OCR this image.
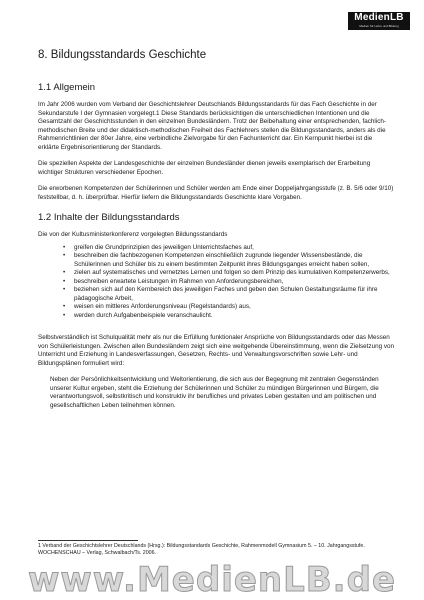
MedienLB
Medien für Lehre und Bildung
8. Bildungsstandards Geschichte
1.1 Allgemein

Im Jahr 2006 wurden vom Verband der Geschichtslehrer Deutschlands Bildungsstandards für das Fach Geschichte in der Sekundarstufe I der Gymnasien vorgelegt.1 Diese Standards berücksichtigen die unterschiedlichen Intentionen und die Gesamtzahl der Geschichtsstunden in den einzelnen Bundesländern. Trotz der Beibehaltung einer entsprechenden, fachlich-methodischen Breite und der didaktisch-methodischen Freiheit des Fachlehrers stellen die Bildungsstandards, anders als die Rahmenrichtlinien der 80er Jahre, eine verbindliche Zielvorgabe für den Fachunterricht dar. Ein Kernpunkt hierbei ist die erklärte Ergebnisorientierung der Standards.

Die speziellen Aspekte der Landesgeschichte der einzelnen Bundesländer dienen jeweils exemplarisch der Erarbeitung wichtiger Strukturen verschiedener Epochen.

Die erworbenen Kompetenzen der Schülerinnen und Schüler werden am Ende einer Doppeljahrgangsstufe (z. B. 5/6 oder 9/10) feststellbar, d. h. überprüfbar. Hierfür liefern die Bildungsstandards Geschichte klare Vorgaben.

1.2 Inhalte der Bildungsstandards

Die von der Kultusministerkonferenz vorgelegten Bildungsstandards

• greifen die Grundprinzipien des jeweiligen Unterrichtsfaches auf,
• beschreiben die fachbezogenen Kompetenzen einschließlich zugrunde liegender Wissensbestände, die Schülerinnen und Schüler bis zu einem bestimmten Zeitpunkt ihres Bildungsganges erreicht haben sollen,
• zielen auf systematisches und vernetztes Lernen und folgen so dem Prinzip des kumulativen Kompetenzerwerbs,
• beschreiben erwartete Leistungen im Rahmen von Anforderungsbereichen,
• beziehen sich auf den Kernbereich des jeweiligen Faches und geben den Schulen Gestaltungsräume für ihre pädagogische Arbeit,
• weisen ein mittleres Anforderungsniveau (Regelstandards) aus,
• werden durch Aufgabenbeispiele veranschaulicht.

Selbstverständlich ist Schulqualität mehr als nur die Erfüllung funktionaler Ansprüche von Bildungsstandards oder das Messen von Schülerleistungen. Zwischen allen Bundesländern zeigt sich eine weitgehende Übereinstimmung, wenn die Zielsetzung von Unterricht und Erziehung in Landesverfassungen, Gesetzen, Rechts- und Verwaltungsvorschriften sowie Lehr- und Bildungsplänen formuliert wird:

Neben der Persönlichkeitsentwicklung und Weltorientierung, die sich aus der Begegnung mit zentralen Gegenständen unserer Kultur ergeben, steht die Erziehung der Schülerinnen und Schüler zu mündigen Bürgerinnen und Bürgern, die verantwortungsvoll, selbstkritisch und konstruktiv ihr berufliches und privates Leben gestalten und am politischen und gesellschaftlichen Leben teilnehmen können.

1 Verband der Geschichtslehrer Deutschlands (Hrsg.): Bildungsstandards Geschichte, Rahmenmodell Gymnasium 5. – 10. Jahrgangsstufe. WOCHENSCHAU – Verlag, Schwalbach/Ts. 2006.
www.MedienLB.de
